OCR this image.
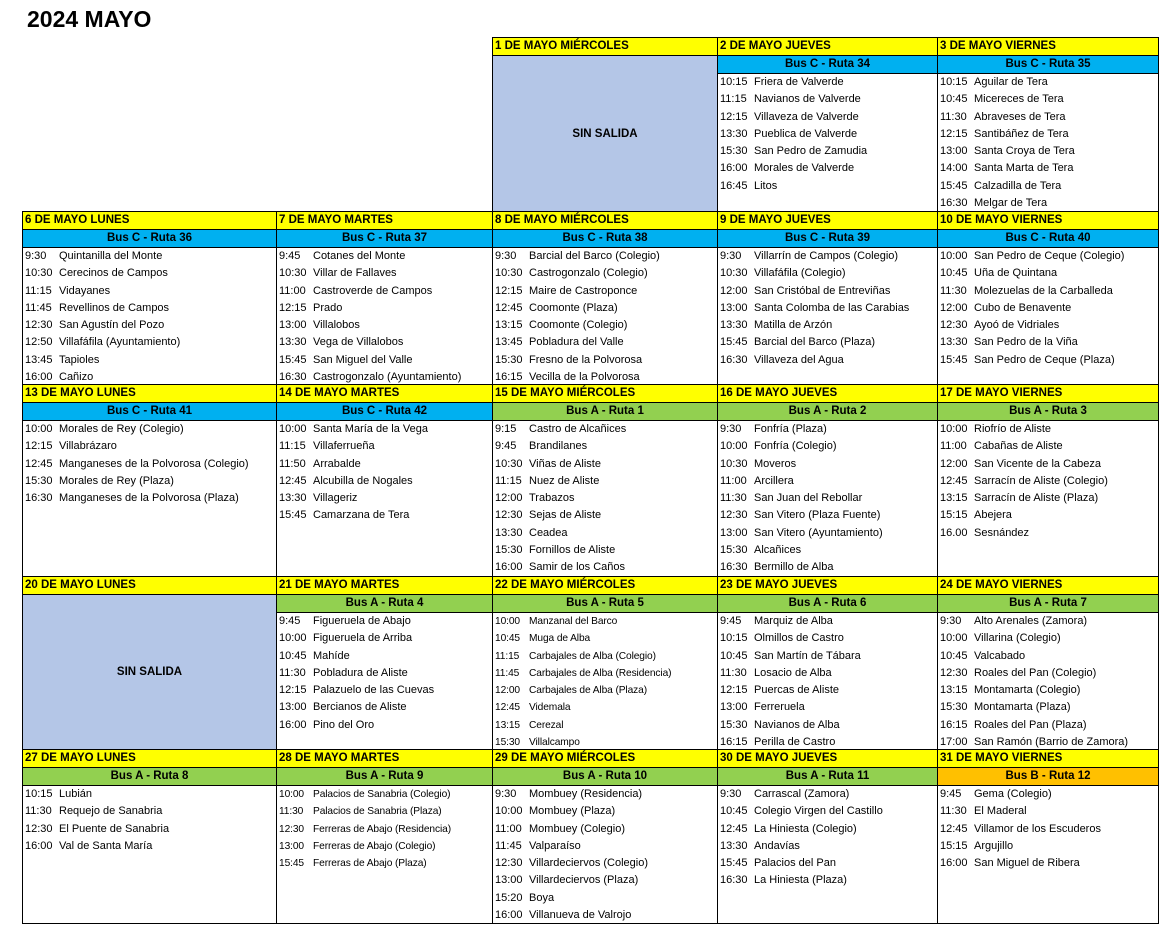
2024 MAYO
1 DE MAYO MIÉRCOLES
SIN SALIDA
2 DE MAYO JUEVES
Bus C - Ruta 34
10:15 Friera de Valverde
11:15 Navianos de Valverde
12:15 Villaveza de Valverde
13:30 Pueblica de Valverde
15:30 San Pedro de Zamudia
16:00 Morales de Valverde
16:45 Litos
3 DE MAYO VIERNES
Bus C - Ruta 35
10:15 Aguilar de Tera
10:45 Micereces de Tera
11:30 Abraveses de Tera
12:15 Santibáñez de Tera
13:00 Santa Croya de Tera
14:00 Santa Marta de Tera
15:45 Calzadilla de Tera
16:30 Melgar de Tera
6 DE MAYO LUNES
Bus C - Ruta 36
9:30 Quintanilla del Monte
10:30 Cerecinos de Campos
11:15 Vidayanes
11:45 Revellinos de Campos
12:30 San Agustín del Pozo
12:50 Villafáfila (Ayuntamiento)
13:45 Tapioles
16:00 Cañizo
7 DE MAYO MARTES
Bus C - Ruta 37
9:45 Cotanes del Monte
10:30 Villar de Fallaves
11:00 Castroverde de Campos
12:15 Prado
13:00 Villalobos
13:30 Vega de Villalobos
15:45 San Miguel del Valle
16:30 Castrogonzalo (Ayuntamiento)
8 DE MAYO MIÉRCOLES
Bus C - Ruta 38
9:30 Barcial del Barco (Colegio)
10:30 Castrogonzalo (Colegio)
12:15 Maire de Castroponce
12:45 Coomonte (Plaza)
13:15 Coomonte (Colegio)
13:45 Pobladura del Valle
15:30 Fresno de la Polvorosa
16:15 Vecilla de la Polvorosa
9 DE MAYO JUEVES
Bus C - Ruta 39
9:30 Villarrín de Campos (Colegio)
10:30 Villafáfila (Colegio)
12:00 San Cristóbal de Entreviñas
13:00 Santa Colomba de las Carabias
13:30 Matilla de Arzón
15:45 Barcial del Barco (Plaza)
16:30 Villaveza del Agua
10 DE MAYO VIERNES
Bus C - Ruta 40
10:00 San Pedro de Ceque (Colegio)
10:45 Uña de Quintana
11:30 Molezuelas de la Carballeda
12:00 Cubo de Benavente
12:30 Ayoó de Vidriales
13:30 San Pedro de la Viña
15:45 San Pedro de Ceque (Plaza)
13 DE MAYO LUNES
Bus C - Ruta 41
10:00 Morales de Rey (Colegio)
12:15 Villabrázaro
12:45 Manganeses de la Polvorosa (Colegio)
15:30 Morales de Rey (Plaza)
16:30 Manganeses de la Polvorosa (Plaza)
14 DE MAYO MARTES
Bus C - Ruta 42
10:00 Santa María de la Vega
11:15 Villaferrueña
11:50 Arrabalde
12:45 Alcubilla de Nogales
13:30 Villageriz
15:45 Camarzana de Tera
15 DE MAYO MIÉRCOLES
Bus A - Ruta 1
9:15 Castro de Alcañices
9:45 Brandilanes
10:30 Viñas de Aliste
11:15 Nuez de Aliste
12:00 Trabazos
12:30 Sejas de Aliste
13:30 Ceadea
15:30 Fornillos de Aliste
16:00 Samir de los Caños
16 DE MAYO JUEVES
Bus A - Ruta 2
9:30 Fonfría (Plaza)
10:00 Fonfría (Colegio)
10:30 Moveros
11:00 Arcillera
11:30 San Juan del Rebollar
12:30 San Vitero (Plaza Fuente)
13:00 San Vitero (Ayuntamiento)
15:30 Alcañices
16:30 Bermillo de Alba
17 DE MAYO VIERNES
Bus A - Ruta 3
10:00 Riofrío de Aliste
11:00 Cabañas de Aliste
12:00 San Vicente de la Cabeza
12:45 Sarracín de Aliste (Colegio)
13:15 Sarracín de Aliste (Plaza)
15:15 Abejera
16.00 Sesnández
20 DE MAYO LUNES
SIN SALIDA
21 DE MAYO MARTES
Bus A - Ruta 4
9:45 Figueruela de Abajo
10:00 Figueruela de Arriba
10:45 Mahíde
11:30 Pobladura de Aliste
12:15 Palazuelo de las Cuevas
13:00 Bercianos de Aliste
16:00 Pino del Oro
22 DE MAYO MIÉRCOLES
Bus A - Ruta 5
10:00 Manzanal del Barco
10:45 Muga de Alba
11:15 Carbajales de Alba (Colegio)
11:45 Carbajales de Alba (Residencia)
12:00 Carbajales de Alba (Plaza)
12:45 Videmala
13:15 Cerezal
15:30 Villalcampo
23 DE MAYO JUEVES
Bus A - Ruta 6
9:45 Marquiz de Alba
10:15 Olmillos de Castro
10:45 San Martín de Tábara
11:30 Losacio de Alba
12:15 Puercas de Aliste
13:00 Ferreruela
15:30 Navianos de Alba
16:15 Perilla de Castro
24 DE MAYO VIERNES
Bus A - Ruta 7
9:30 Alto Arenales (Zamora)
10:00 Villarina (Colegio)
10:45 Valcabado
12:30 Roales del Pan (Colegio)
13:15 Montamarta (Colegio)
15:30 Montamarta (Plaza)
16:15 Roales del Pan (Plaza)
17:00 San Ramón (Barrio de Zamora)
27 DE MAYO LUNES
Bus A - Ruta 8
10:15 Lubián
11:30 Requejo de Sanabria
12:30 El Puente de Sanabria
16:00 Val de Santa María
28 DE MAYO MARTES
Bus A - Ruta 9
10:00 Palacios de Sanabria (Colegio)
11:30 Palacios de Sanabria (Plaza)
12:30 Ferreras de Abajo (Residencia)
13:00 Ferreras de Abajo (Colegio)
15:45 Ferreras de Abajo (Plaza)
29 DE MAYO MIÉRCOLES
Bus A - Ruta 10
9:30 Mombuey (Residencia)
10:00 Mombuey (Plaza)
11:00 Mombuey (Colegio)
11:45 Valparaíso
12:30 Villardeciervos (Colegio)
13:00 Villardeciervos (Plaza)
15:20 Boya
16:00 Villanueva de Valrojo
30 DE MAYO JUEVES
Bus A - Ruta 11
9:30 Carrascal (Zamora)
10:45 Colegio Virgen del Castillo
12:45 La Hiniesta (Colegio)
13:30 Andavías
15:45 Palacios del Pan
16:30 La Hiniesta (Plaza)
31 DE MAYO VIERNES
Bus B - Ruta 12
9:45 Gema (Colegio)
11:30 El Maderal
12:45 Villamor de los Escuderos
15:15 Argujillo
16:00 San Miguel de Ribera
